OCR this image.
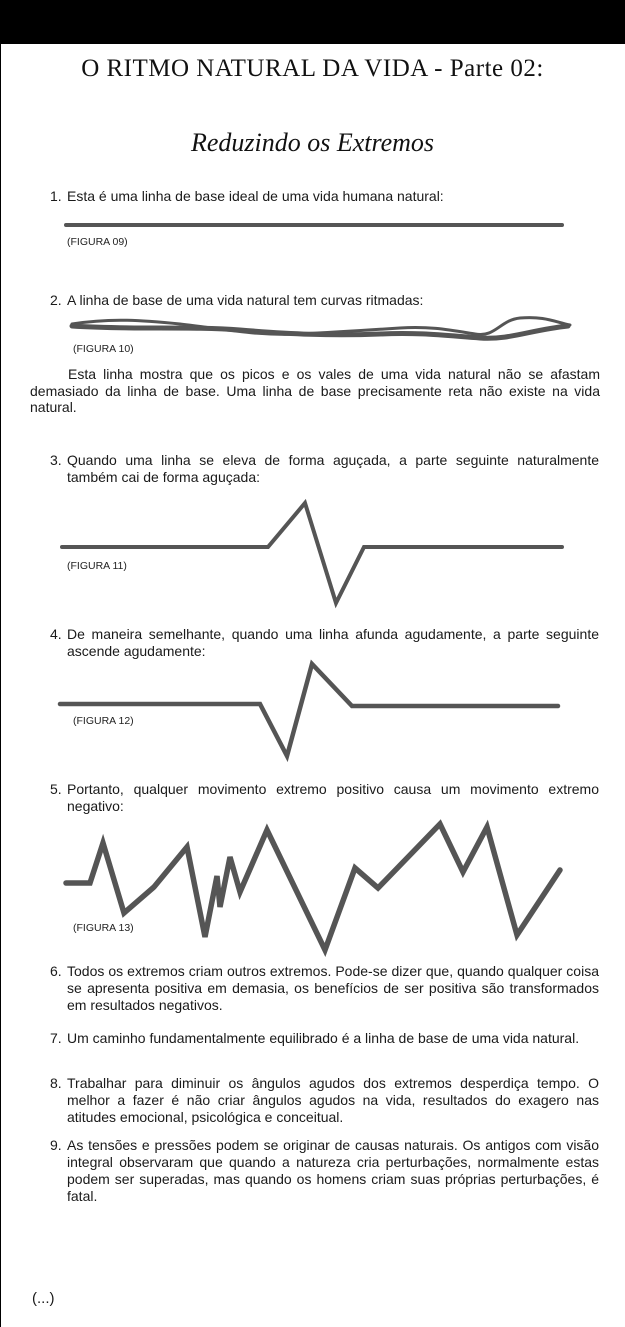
O RITMO NATURAL DA VIDA - Parte 02:
Reduzindo os Extremos
1. Esta é uma linha de base ideal de uma vida humana natural:
(FIGURA 09)
2. A linha de base de uma vida natural tem curvas ritmadas:
(FIGURA 10)
Esta linha mostra que os picos e os vales de uma vida natural não se afastam demasiado da linha de base. Uma linha de base precisamente reta não existe na vida natural.
3. Quando uma linha se eleva de forma aguçada, a parte seguinte naturalmente também cai de forma aguçada:
(FIGURA 11)
4. De maneira semelhante, quando uma linha afunda agudamente, a parte seguinte ascende agudamente:
(FIGURA 12)
5. Portanto, qualquer movimento extremo positivo causa um movimento extremo negativo:
(FIGURA 13)
6. Todos os extremos criam outros extremos. Pode-se dizer que, quando qualquer coisa se apresenta positiva em demasia, os benefícios de ser positiva são transformados em resultados negativos.
7. Um caminho fundamentalmente equilibrado é a linha de base de uma vida natural.
8. Trabalhar para diminuir os ângulos agudos dos extremos desperdiça tempo. O melhor a fazer é não criar ângulos agudos na vida, resultados do exagero nas atitudes emocional, psicológica e conceitual.
9. As tensões e pressões podem se originar de causas naturais. Os antigos com visão integral observaram que quando a natureza cria perturbações, normalmente estas podem ser superadas, mas quando os homens criam suas próprias perturbações, é fatal.
(...)
